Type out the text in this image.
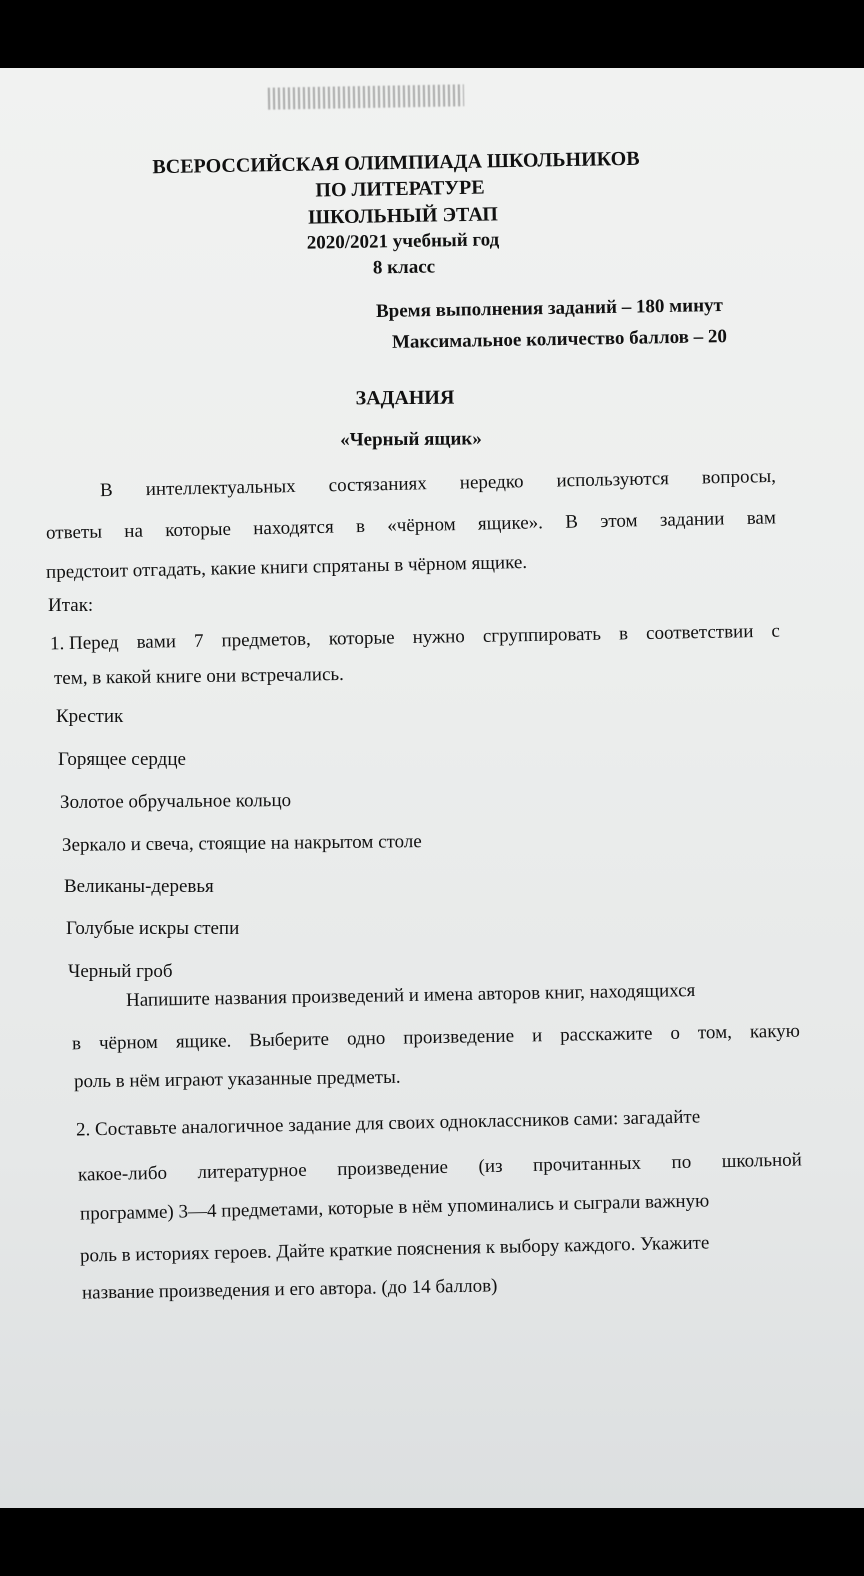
ВСЕРОССИЙСКАЯ ОЛИМПИАДА ШКОЛЬНИКОВ
ПО ЛИТЕРАТУРЕ
ШКОЛЬНЫЙ ЭТАП
2020/2021 учебный год
8 класс
Время выполнения заданий – 180 минут
Максимальное количество баллов – 20
ЗАДАНИЯ
«Черный ящик»
В интеллектуальных состязаниях нередко используются вопросы,
ответы на которые находятся в «чёрном ящике». В этом задании вам
предстоит отгадать, какие книги спрятаны в чёрном ящике.
Итак:
1. Перед вами 7 предметов, которые нужно сгруппировать в соответствии с
тем, в какой книге они встречались.
Крестик
Горящее сердце
Золотое обручальное кольцо
Зеркало и свеча, стоящие на накрытом столе
Великаны-деревья
Голубые искры степи
Черный гроб
Напишите названия произведений и имена авторов книг, находящихся
в чёрном ящике. Выберите одно произведение и расскажите о том, какую
роль в нём играют указанные предметы.
2. Составьте аналогичное задание для своих одноклассников сами: загадайте
какое-либо литературное произведение (из прочитанных по школьной
программе) 3—4 предметами, которые в нём упоминались и сыграли важную
роль в историях героев. Дайте краткие пояснения к выбору каждого. Укажите
название произведения и его автора. (до 14 баллов)
